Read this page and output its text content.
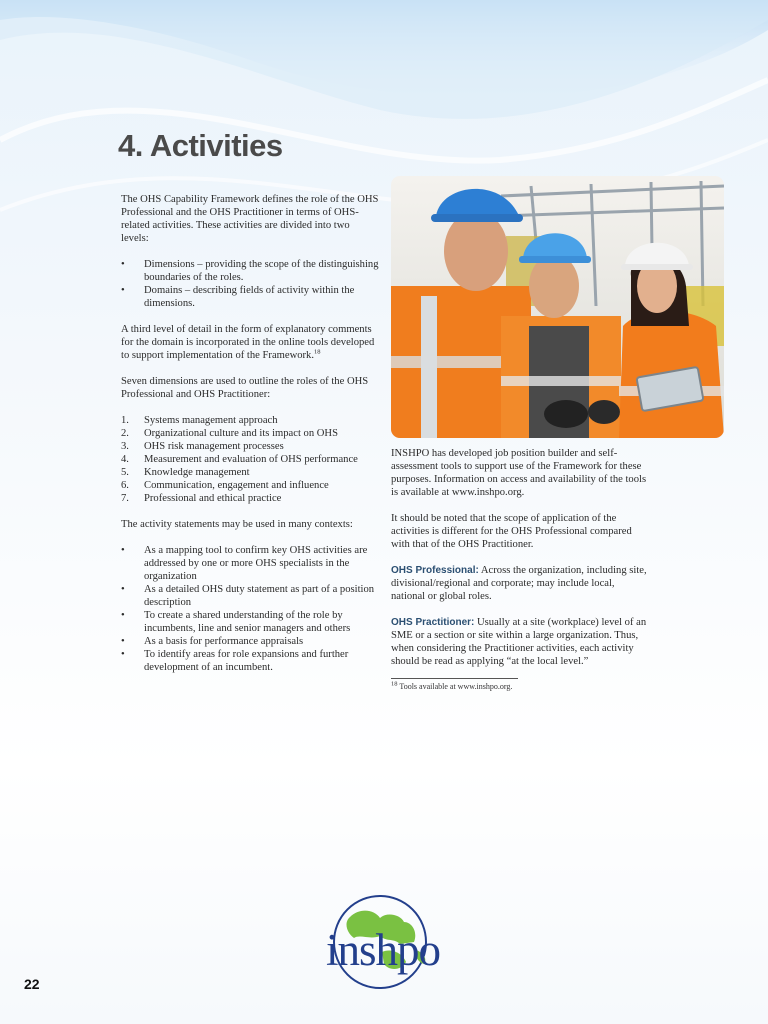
4. Activities

The OHS Capability Framework defines the role of the OHS Professional and the OHS Practitioner in terms of OHS-related activities. These activities are divided into two levels:

•	Dimensions – providing the scope of the distinguishing boundaries of the roles.
•	Domains – describing fields of activity within the dimensions.

A third level of detail in the form of explanatory comments for the domain is incorporated in the online tools developed to support implementation of the Framework.$^{18}$

Seven dimensions are used to outline the roles of the OHS Professional and OHS Practitioner:

1.	Systems management approach
2.	Organizational culture and its impact on OHS
3.	OHS risk management processes
4.	Measurement and evaluation of OHS performance
5.	Knowledge management
6.	Communication, engagement and influence
7.	Professional and ethical practice

The activity statements may be used in many contexts:

•	As a mapping tool to confirm key OHS activities are addressed by one or more OHS specialists in the organization
•	As a detailed OHS duty statement as part of a position description
•	To create a shared understanding of the role by incumbents, line and senior managers and others
•	As a basis for performance appraisals
•	To identify areas for role expansions and further development of an incumbent.

INSHPO has developed job position builder and self-assessment tools to support use of the Framework for these purposes. Information on access and availability of the tools is available at www.inshpo.org.

It should be noted that the scope of application of the activities is different for the OHS Professional compared with that of the OHS Practitioner.

OHS Professional: Across the organization, including site, divisional/regional and corporate; may include local, national or global roles.

OHS Practitioner: Usually at a site (workplace) level of an SME or a section or site within a large organization. Thus, when considering the Practitioner activities, each activity should be read as applying “at the local level.”

$^{18}$ Tools available at www.inshpo.org.
inshpo
22
